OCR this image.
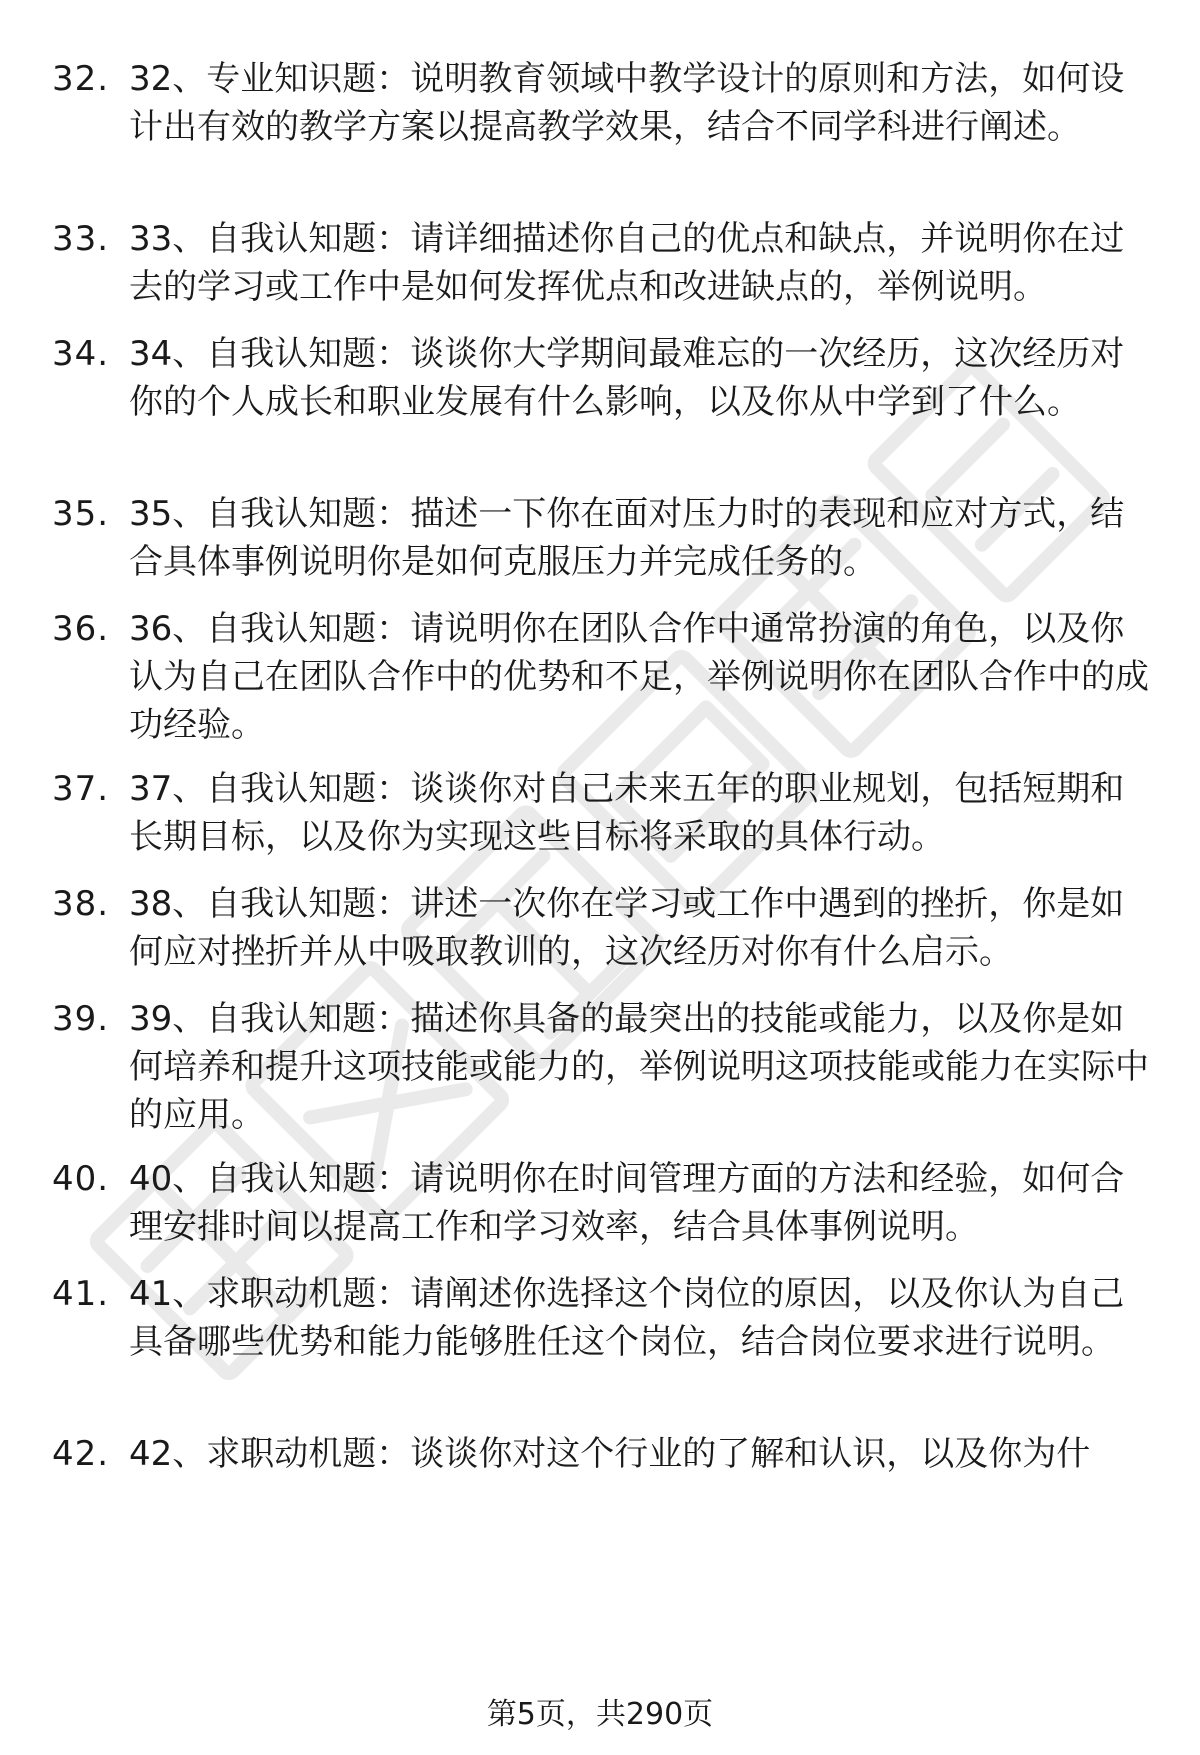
32. 32、专业知识题：说明教育领域中教学设计的原则和方法，如何设计出有效的教学方案以提高教学效果，结合不同学科进行阐述。
33. 33、自我认知题：请详细描述你自己的优点和缺点，并说明你在过去的学习或工作中是如何发挥优点和改进缺点的，举例说明。
34. 34、自我认知题：谈谈你大学期间最难忘的一次经历，这次经历对你的个人成长和职业发展有什么影响，以及你从中学到了什么。
35. 35、自我认知题：描述一下你在面对压力时的表现和应对方式，结合具体事例说明你是如何克服压力并完成任务的。
36. 36、自我认知题：请说明你在团队合作中通常扮演的角色，以及你认为自己在团队合作中的优势和不足，举例说明你在团队合作中的成功经验。
37. 37、自我认知题：谈谈你对自己未来五年的职业规划，包括短期和长期目标，以及你为实现这些目标将采取的具体行动。
38. 38、自我认知题：讲述一次你在学习或工作中遇到的挫折，你是如何应对挫折并从中吸取教训的，这次经历对你有什么启示。
39. 39、自我认知题：描述你具备的最突出的技能或能力，以及你是如何培养和提升这项技能或能力的，举例说明这项技能或能力在实际中的应用。
40. 40、自我认知题：请说明你在时间管理方面的方法和经验，如何合理安排时间以提高工作和学习效率，结合具体事例说明。
41. 41、求职动机题：请阐述你选择这个岗位的原因，以及你认为自己具备哪些优势和能力能够胜任这个岗位，结合岗位要求进行说明。
42. 42、求职动机题：谈谈你对这个行业的了解和认识，以及你为什
第5页，共290页
